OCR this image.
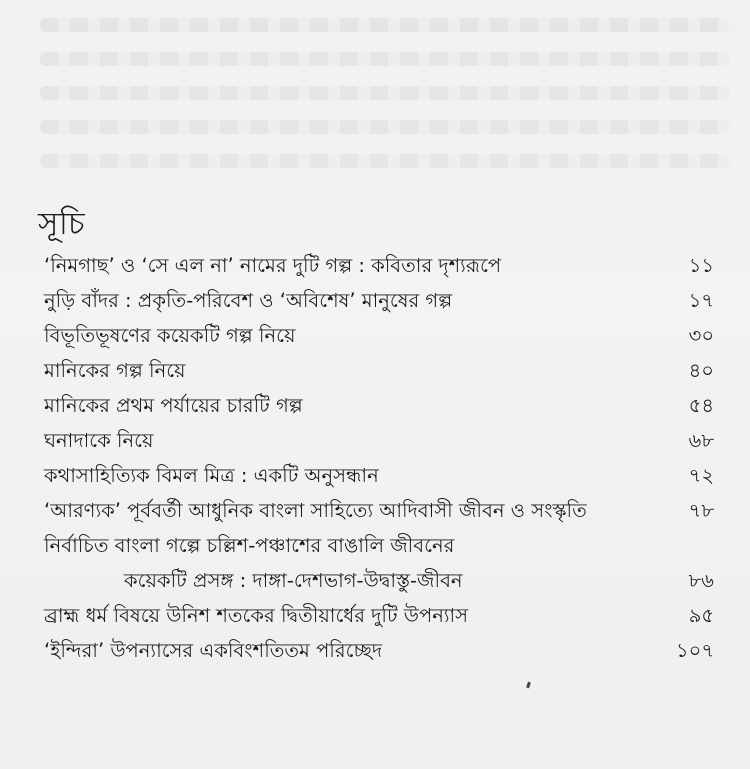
সূচি
‘নিমগাছ’ ও ‘সে এল না’ নামের দুটি গল্প : কবিতার দৃশ্যরূপে	১১
নুড়ি বাঁদর : প্রকৃতি-পরিবেশ ও ‘অবিশেষ’ মানুষের গল্প	১৭
বিভূতিভূষণের কয়েকটি গল্প নিয়ে	৩০
মানিকের গল্প নিয়ে	৪০
মানিকের প্রথম পর্যায়ের চারটি গল্প	৫৪
ঘনাদাকে নিয়ে	৬৮
কথাসাহিত্যিক বিমল মিত্র : একটি অনুসন্ধান	৭২
‘আরণ্যক’ পূর্ববর্তী আধুনিক বাংলা সাহিত্যে আদিবাসী জীবন ও সংস্কৃতি	৭৮
নির্বাচিত বাংলা গল্পে চল্লিশ-পঞ্চাশের বাঙালি জীবনের
কয়েকটি প্রসঙ্গ : দাঙ্গা-দেশভাগ-উদ্বাস্তু-জীবন	৮৬
ব্রাহ্ম ধর্ম বিষয়ে উনিশ শতকের দ্বিতীয়ার্ধের দুটি উপন্যাস	৯৫
‘ইন্দিরা’ উপন্যাসের একবিংশতিতম পরিচ্ছেদ	১০৭
